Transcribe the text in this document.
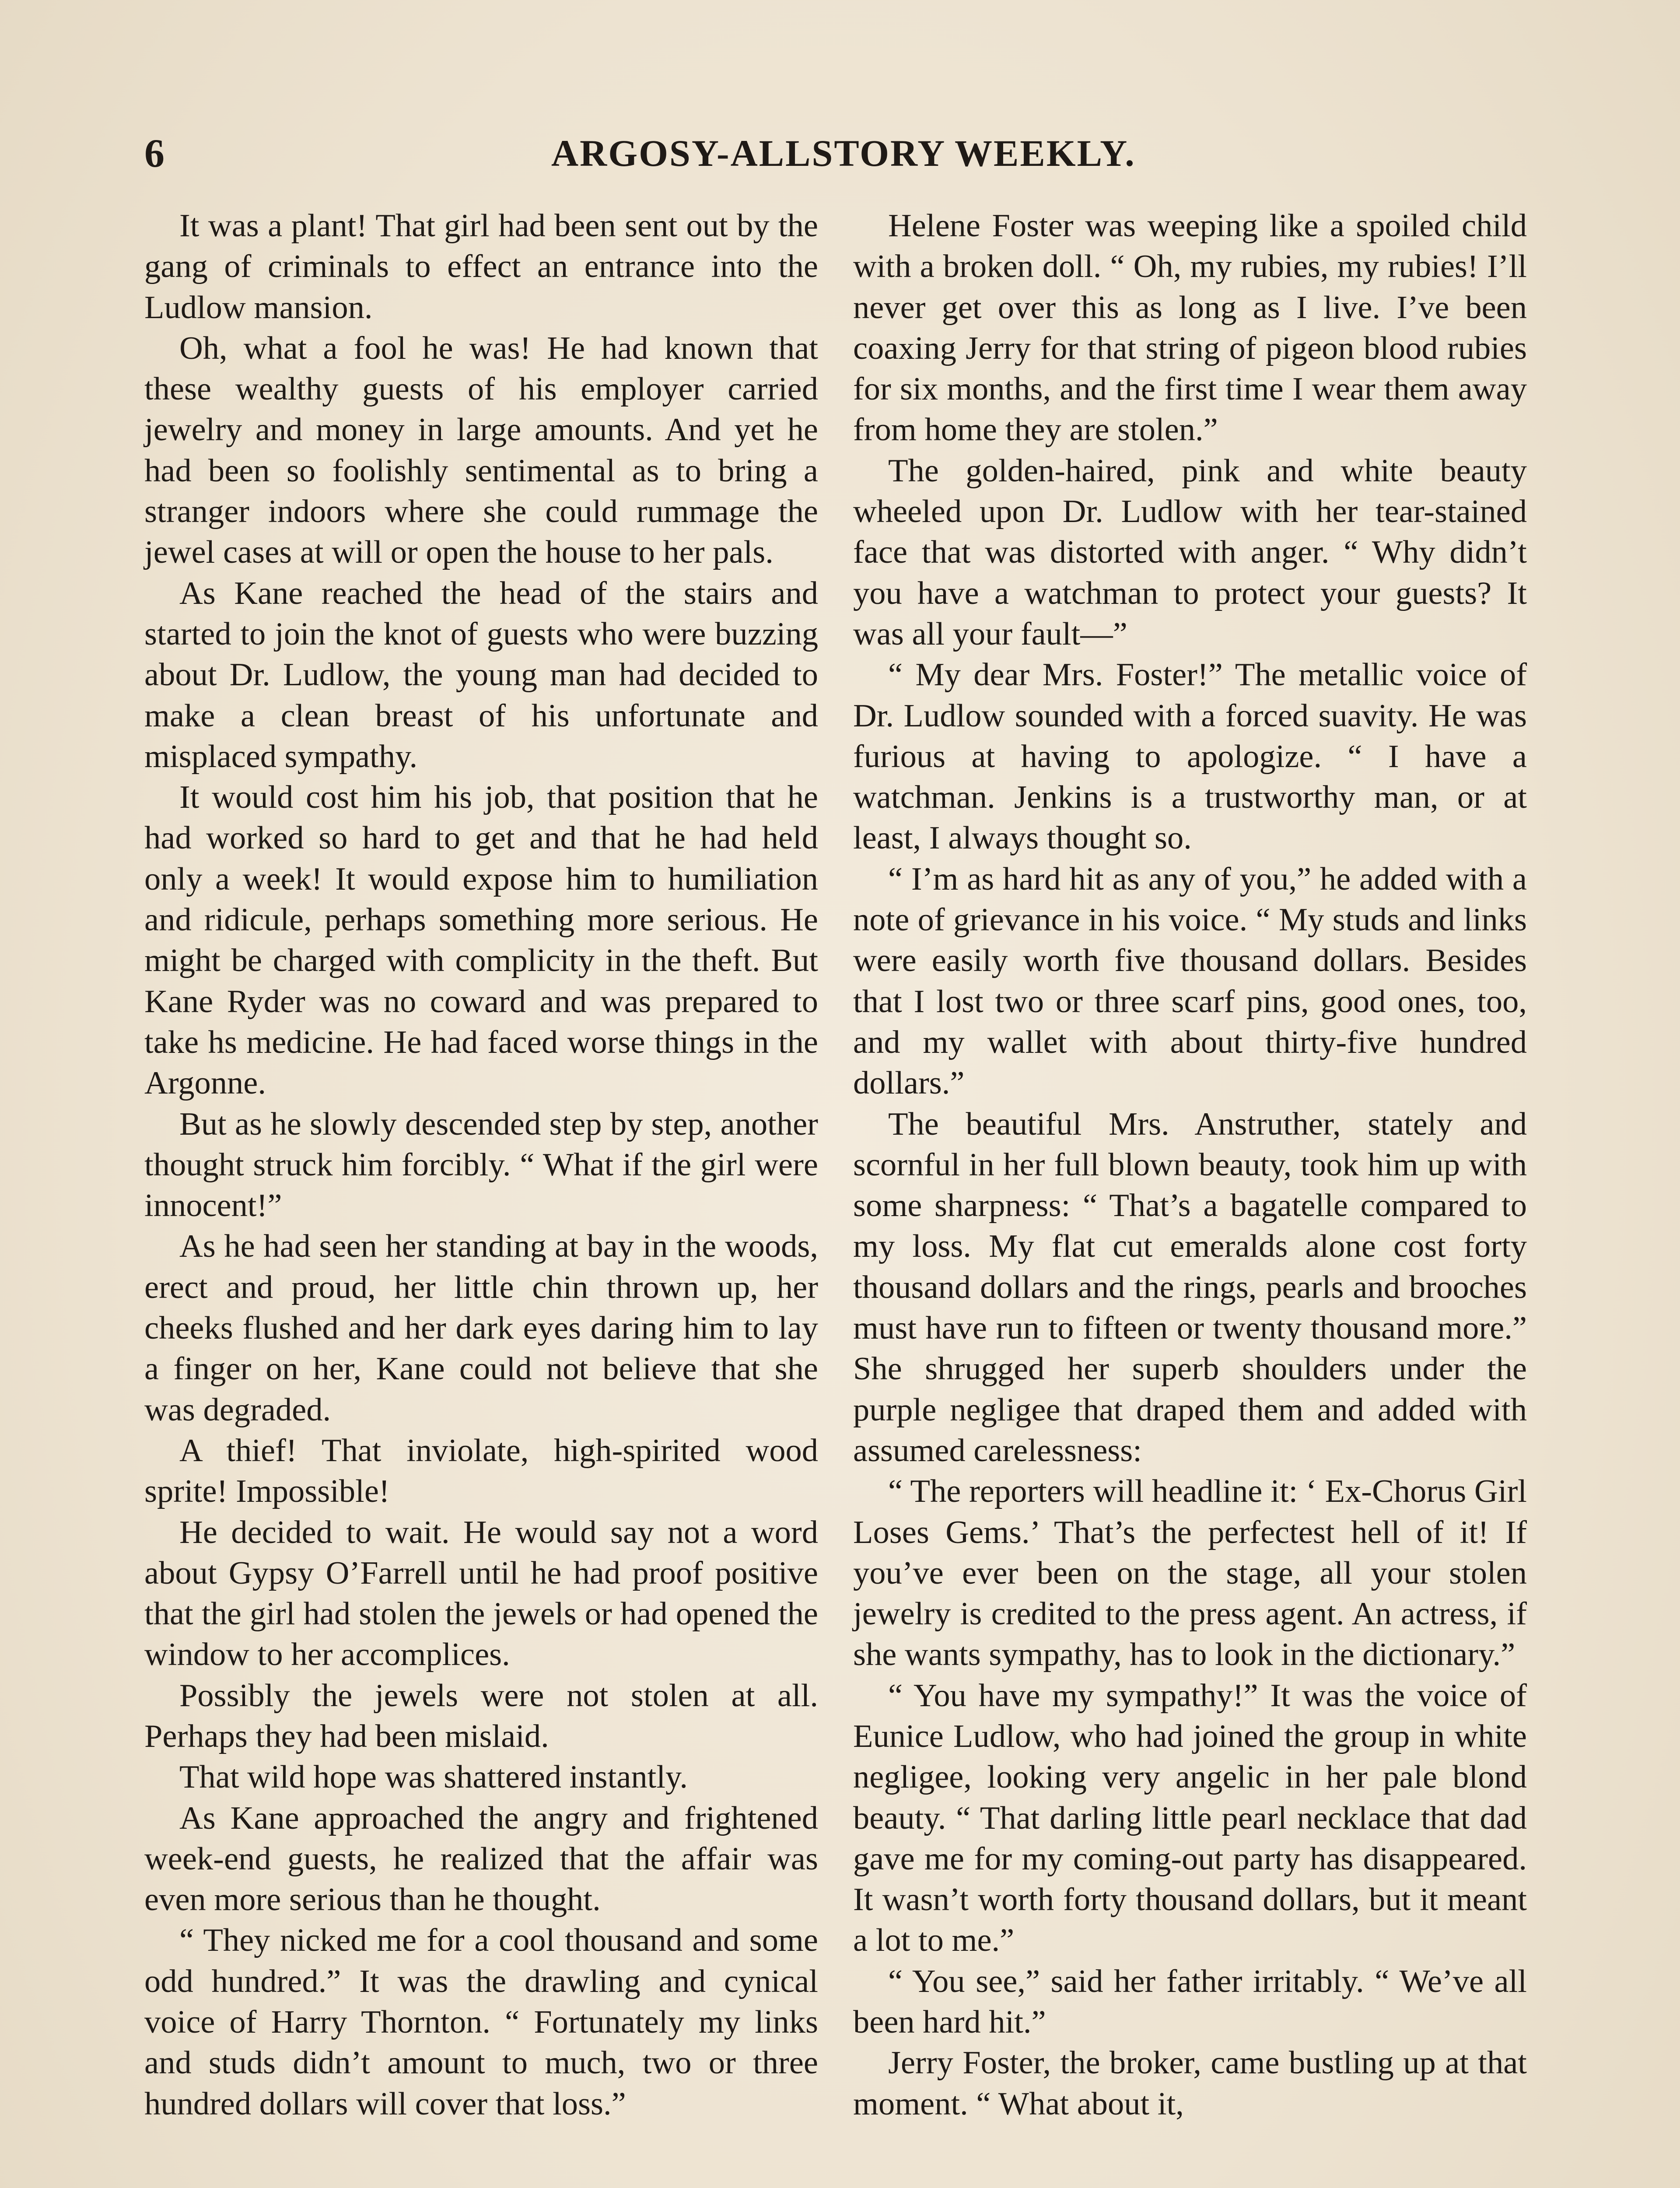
6	ARGOSY-ALLSTORY WEEKLY.

It was a plant! That girl had been sent out by the gang of criminals to effect an entrance into the Ludlow mansion.

Oh, what a fool he was! He had known that these wealthy guests of his employer carried jewelry and money in large amounts. And yet he had been so foolishly sentimental as to bring a stranger indoors where she could rummage the jewel cases at will or open the house to her pals.

As Kane reached the head of the stairs and started to join the knot of guests who were buzzing about Dr. Ludlow, the young man had decided to make a clean breast of his unfortunate and misplaced sympathy.

It would cost him his job, that position that he had worked so hard to get and that he had held only a week! It would expose him to humiliation and ridicule, perhaps something more serious. He might be charged with complicity in the theft. But Kane Ryder was no coward and was prepared to take hs medicine. He had faced worse things in the Argonne.

But as he slowly descended step by step, another thought struck him forcibly. “ What if the girl were innocent!”

As he had seen her standing at bay in the woods, erect and proud, her little chin thrown up, her cheeks flushed and her dark eyes daring him to lay a finger on her, Kane could not believe that she was degraded.

A thief! That inviolate, high-spirited wood sprite! Impossible!

He decided to wait. He would say not a word about Gypsy O’Farrell until he had proof positive that the girl had stolen the jewels or had opened the window to her accomplices.

Possibly the jewels were not stolen at all. Perhaps they had been mislaid.

That wild hope was shattered instantly.

As Kane approached the angry and frightened week-end guests, he realized that the affair was even more serious than he thought.

“ They nicked me for a cool thousand and some odd hundred.” It was the drawling and cynical voice of Harry Thornton. “ Fortunately my links and studs didn’t amount to much, two or three hundred dollars will cover that loss.”

Helene Foster was weeping like a spoiled child with a broken doll. “ Oh, my rubies, my rubies! I’ll never get over this as long as I live. I’ve been coaxing Jerry for that string of pigeon blood rubies for six months, and the first time I wear them away from home they are stolen.”

The golden-haired, pink and white beauty wheeled upon Dr. Ludlow with her tear-stained face that was distorted with anger. “ Why didn’t you have a watchman to protect your guests? It was all your fault—”

“ My dear Mrs. Foster!” The metallic voice of Dr. Ludlow sounded with a forced suavity. He was furious at having to apologize. “ I have a watchman. Jenkins is a trustworthy man, or at least, I always thought so.

“ I’m as hard hit as any of you,” he added with a note of grievance in his voice. “ My studs and links were easily worth five thousand dollars. Besides that I lost two or three scarf pins, good ones, too, and my wallet with about thirty-five hundred dollars.”

The beautiful Mrs. Anstruther, stately and scornful in her full blown beauty, took him up with some sharpness: “ That’s a bagatelle compared to my loss. My flat cut emeralds alone cost forty thousand dollars and the rings, pearls and brooches must have run to fifteen or twenty thousand more.” She shrugged her superb shoulders under the purple negligee that draped them and added with assumed carelessness:

“ The reporters will headline it: ‘ Ex-Chorus Girl Loses Gems.’ That’s the perfectest hell of it! If you’ve ever been on the stage, all your stolen jewelry is credited to the press agent. An actress, if she wants sympathy, has to look in the dictionary.”

“ You have my sympathy!” It was the voice of Eunice Ludlow, who had joined the group in white negligee, looking very angelic in her pale blond beauty. “ That darling little pearl necklace that dad gave me for my coming-out party has disappeared. It wasn’t worth forty thousand dollars, but it meant a lot to me.”

“ You see,” said her father irritably. “ We’ve all been hard hit.”

Jerry Foster, the broker, came bustling up at that moment. “ What about it,
